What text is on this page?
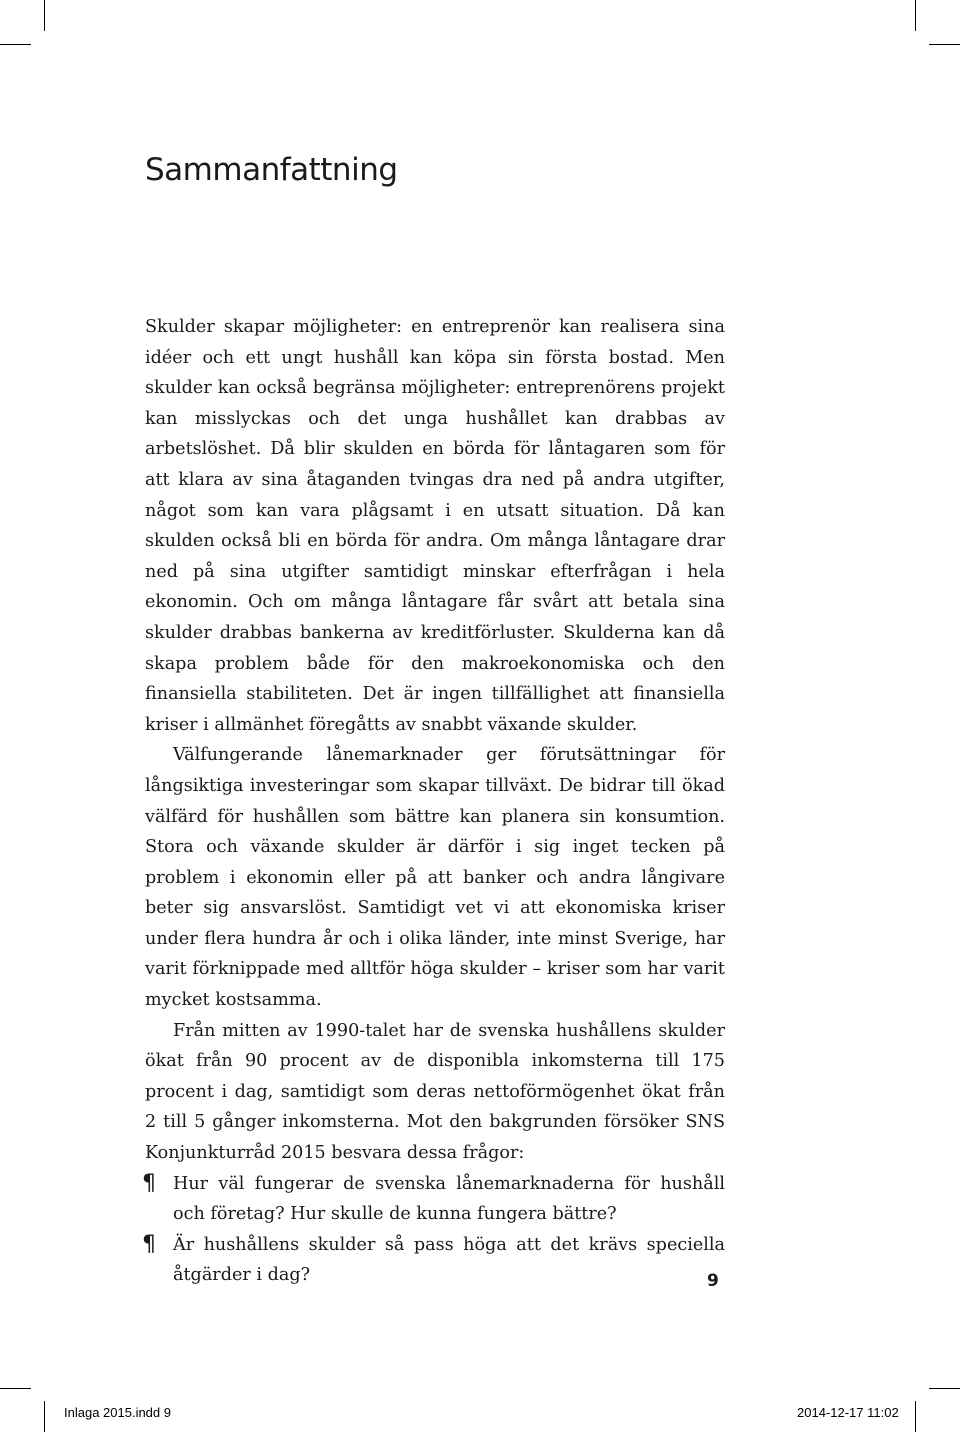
Sammanfattning

Skulder skapar möjligheter: en entreprenör kan realisera sina idéer och ett ungt hushåll kan köpa sin första bostad. Men skulder kan också begränsa möjligheter: entreprenörens projekt kan misslyckas och det unga hushållet kan drabbas av arbetslöshet. Då blir skulden en börda för låntagaren som för att klara av sina åtaganden tvingas dra ned på andra utgifter, något som kan vara plågsamt i en utsatt situation. Då kan skulden också bli en börda för andra. Om många låntagare drar ned på sina utgifter samtidigt minskar efterfrågan i hela ekonomin. Och om många låntagare får svårt att betala sina skulder drabbas bankerna av kreditförluster. Skulderna kan då skapa problem både för den makroekonomiska och den finansiella stabiliteten. Det är ingen tillfällighet att finansiella kriser i allmänhet föregåtts av snabbt växande skulder.

Välfungerande lånemarknader ger förutsättningar för långsiktiga investeringar som skapar tillväxt. De bidrar till ökad välfärd för hushållen som bättre kan planera sin konsumtion. Stora och växande skulder är därför i sig inget tecken på problem i ekonomin eller på att banker och andra långivare beter sig ansvarslöst. Samtidigt vet vi att ekonomiska kriser under flera hundra år och i olika länder, inte minst Sverige, har varit förknippade med alltför höga skulder – kriser som har varit mycket kostsamma.

Från mitten av 1990-talet har de svenska hushållens skulder ökat från 90 procent av de disponibla inkomsterna till 175 procent i dag, samtidigt som deras nettoförmögenhet ökat från 2 till 5 gånger inkomsterna. Mot den bakgrunden försöker SNS Konjunkturråd 2015 besvara dessa frågor:

¶ Hur väl fungerar de svenska lånemarknaderna för hushåll och företag? Hur skulle de kunna fungera bättre?
¶ Är hushållens skulder så pass höga att det krävs speciella åtgärder i dag?	9
Inlaga 2015.indd 9	2014-12-17 11:02
